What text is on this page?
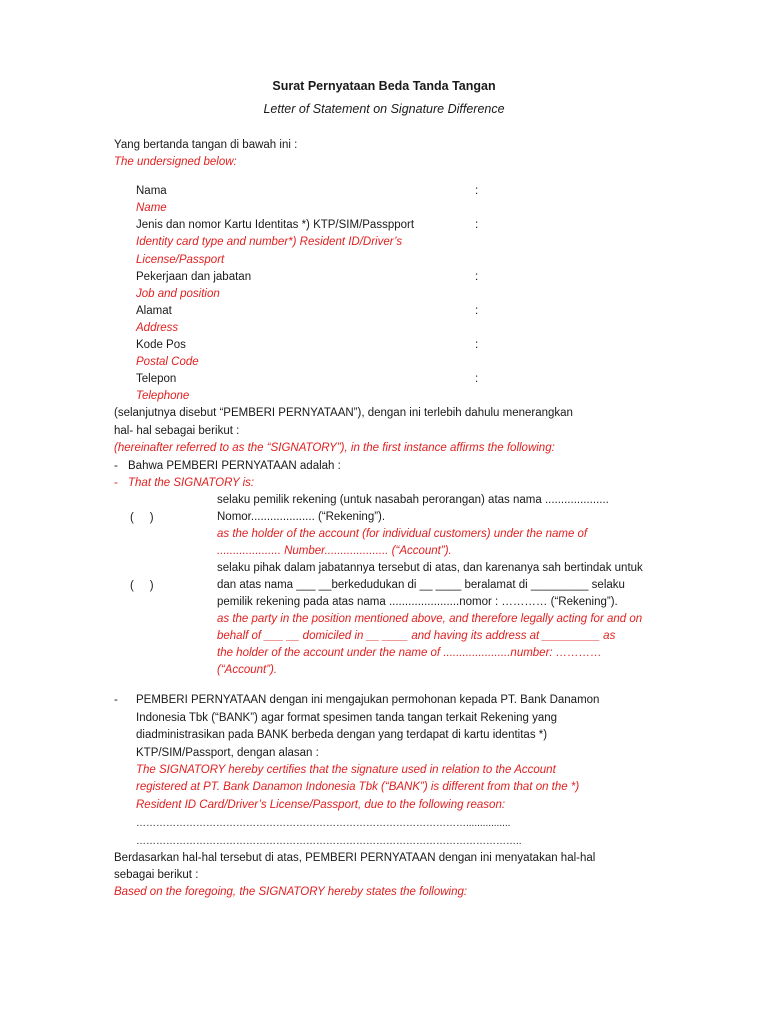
Surat Pernyataan Beda Tanda Tangan
Letter of Statement on Signature Difference
Yang bertanda tangan di bawah ini :
The undersigned below:
Nama	:
Name
Jenis dan nomor Kartu Identitas *) KTP/SIM/Passpport	:
Identity card type and number*) Resident ID/Driver’s
License/Passport
Pekerjaan dan jabatan	:
Job and position
Alamat	:
Address
Kode Pos	:
Postal Code
Telepon	:
Telephone
(selanjutnya disebut “PEMBERI PERNYATAAN”), dengan ini terlebih dahulu menerangkan
hal- hal sebagai berikut :
(hereinafter referred to as the “SIGNATORY”), in the first instance affirms the following:
- Bahwa PEMBERI PERNYATAAN adalah :
- That the SIGNATORY is:
(     )
selaku pemilik rekening (untuk nasabah perorangan) atas nama ....................
Nomor.................... (“Rekening”).
as the holder of the account (for individual customers) under the name of
.................... Number.................... (“Account”).
(     )
selaku pihak dalam jabatannya tersebut di atas, dan karenanya sah bertindak untuk
dan atas nama ___ __berkedudukan di __ ____ beralamat di _________ selaku
pemilik rekening pada atas nama ......................nomor : ………… (“Rekening”).
as the party in the position mentioned above, and therefore legally acting for and on
behalf of ___ __ domiciled in __ ____ and having its address at _________ as
the holder of the account under the name of .....................number: …………
(“Account”).
- PEMBERI PERNYATAAN dengan ini mengajukan permohonan kepada PT. Bank Danamon
Indonesia Tbk (“BANK”) agar format spesimen tanda tangan terkait Rekening yang
diadministrasikan pada BANK berbeda dengan yang terdapat di kartu identitas *)
KTP/SIM/Passport, dengan alasan :
The SIGNATORY hereby certifies that the signature used in relation to the Account
registered at PT. Bank Danamon Indonesia Tbk (“BANK”) is different from that on the *)
Resident ID Card/Driver’s License/Passport, due to the following reason:
………………………………………………………………………………………................
……………………………………………………………………………………………………..
Berdasarkan hal-hal tersebut di atas, PEMBERI PERNYATAAN dengan ini menyatakan hal-hal
sebagai berikut :
Based on the foregoing, the SIGNATORY hereby states the following:
